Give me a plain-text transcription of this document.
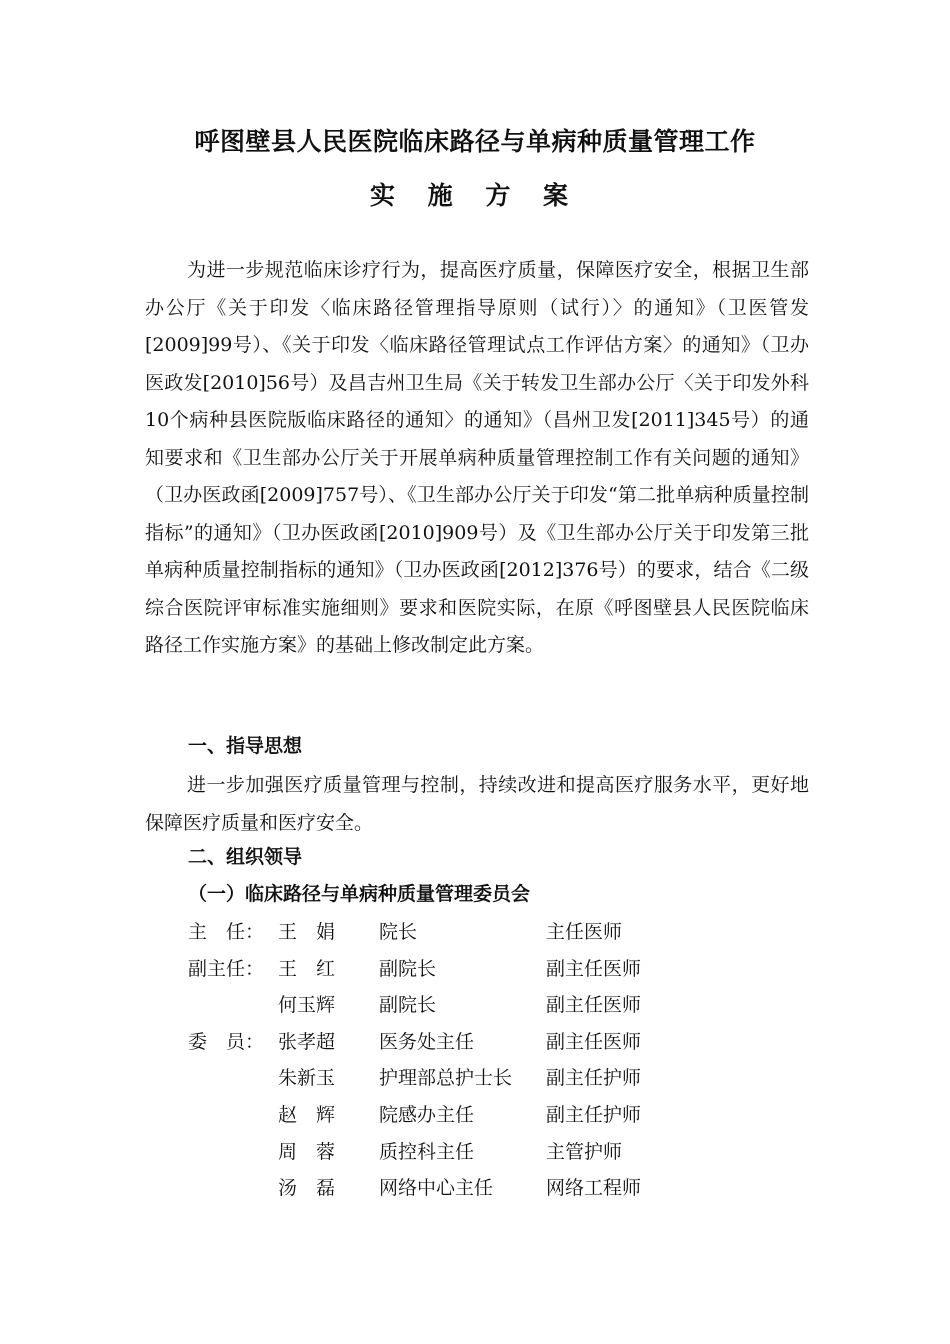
呼图壁县人民医院临床路径与单病种质量管理工作
实 施 方 案

为进一步规范临床诊疗行为，提高医疗质量，保障医疗安全，根据卫生部办公厅《关于印发〈临床路径管理指导原则（试行）〉的通知》（卫医管发[2009]99号）、《关于印发〈临床路径管理试点工作评估方案〉的通知》（卫办医政发[2010]56号）及昌吉州卫生局《关于转发卫生部办公厅〈关于印发外科10个病种县医院版临床路径的通知〉的通知》（昌州卫发[2011]345号）的通知要求和《卫生部办公厅关于开展单病种质量管理控制工作有关问题的通知》（卫办医政函[2009]757号）、《卫生部办公厅关于印发“第二批单病种质量控制指标”的通知》（卫办医政函[2010]909号）及《卫生部办公厅关于印发第三批单病种质量控制指标的通知》（卫办医政函[2012]376号）的要求，结合《二级综合医院评审标准实施细则》要求和医院实际，在原《呼图壁县人民医院临床路径工作实施方案》的基础上修改制定此方案。

一、指导思想

进一步加强医疗质量管理与控制，持续改进和提高医疗服务水平，更好地保障医疗质量和医疗安全。

二、组织领导
（一）临床路径与单病种质量管理委员会
主　任： 王　娟 院长	主任医师
副主任： 王　红 副院长	副主任医师
何玉辉 副院长	副主任医师
委　员： 张孝超 医务处主任	副主任医师
朱新玉 护理部总护士长 副主任护师
赵　辉 院感办主任	副主任护师
周　蓉 质控科主任	主管护师
汤　磊 网络中心主任	网络工程师
